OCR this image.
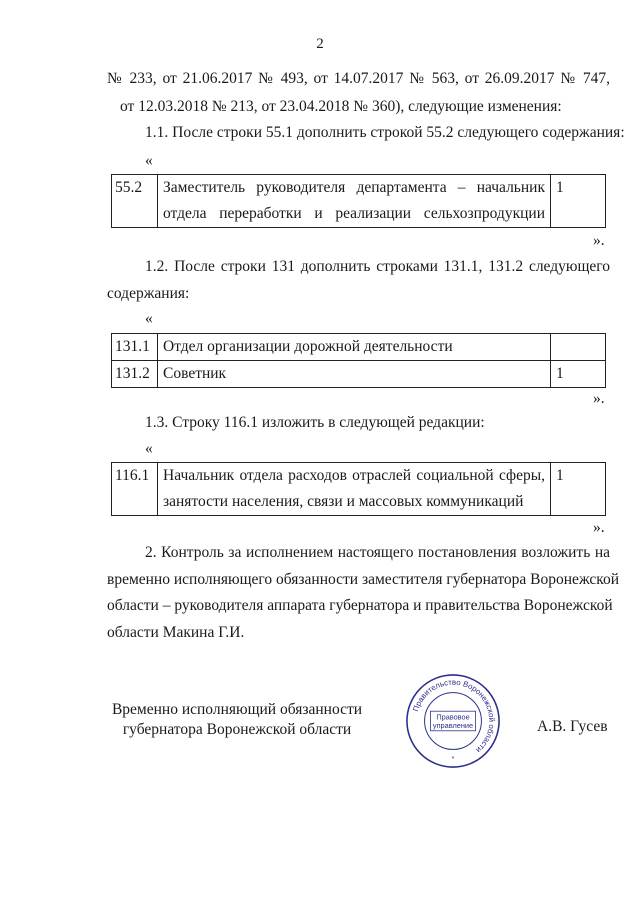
2
№ 233, от 21.06.2017 № 493, от 14.07.2017 № 563, от 26.09.2017 № 747,
от 12.03.2018 № 213, от 23.04.2018 № 360), следующие изменения:
1.1. После строки 55.1 дополнить строкой 55.2 следующего содержания:
«
55.2	Заместитель руководителя департамента – начальник
отдела переработки и реализации сельхозпродукции
	1
».
1.2. После строки 131 дополнить строками 131.1, 131.2 следующего
содержания:
«
131.1	Отдел организации дорожной деятельности	
131.2	Советник	1
».
1.3. Строку 116.1 изложить в следующей редакции:
«
116.1	Начальник отдела расходов отраслей социальной сферы,
занятости населения, связи и массовых коммуникаций
	1
».
2. Контроль за исполнением настоящего постановления возложить на
временно исполняющего обязанности заместителя губернатора Воронежской
области – руководителя аппарата губернатора и правительства Воронежской
области Макина Г.И.
Временно исполняющий обязанности
губернатора Воронежской области	А.В. Гусев
Правительство Воронежской области
Правовое
управление
*
